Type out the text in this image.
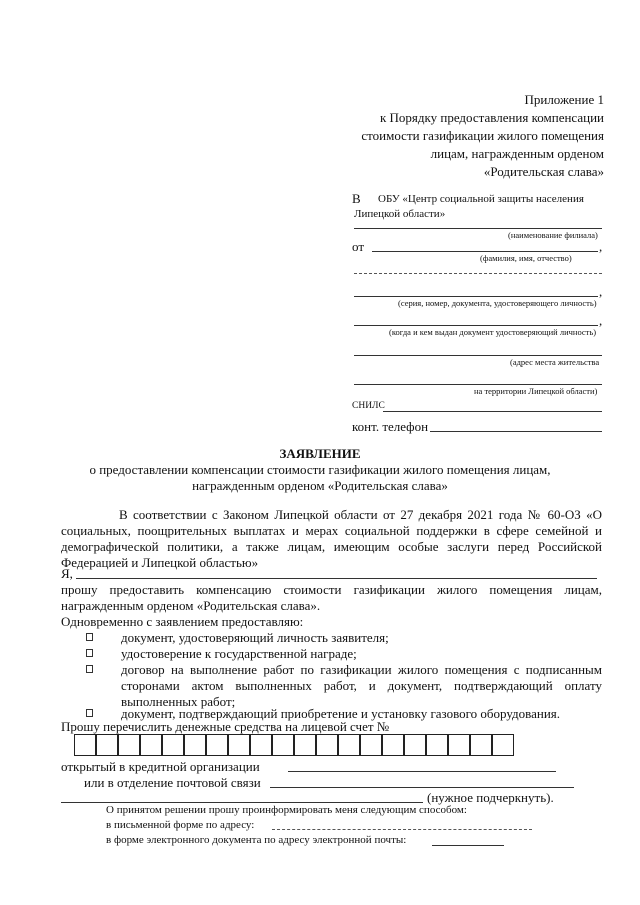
Приложение 1
к Порядку предоставления компенсации
стоимости газификации жилого помещения
лицам, награжденным орденом
«Родительская слава»
В ОБУ «Центр социальной защиты населения
Липецкой области»
(наименование филиала)
от	,
(фамилия, имя, отчество)
,
(серия, номер, документа, удостоверяющего личность)
,
(когда и кем выдан документ удостоверяющий личность)
(адрес места жительства
на территории Липецкой области)
СНИЛС
конт. телефон
ЗАЯВЛЕНИЕ
о предоставлении компенсации стоимости газификации жилого помещения лицам,
награжденным орденом «Родительская слава»
В соответствии с Законом Липецкой области от 27 декабря 2021 года № 60-ОЗ «О социальных, поощрительных выплатах и мерах социальной поддержки в сфере семейной и демографической политики, а также лицам, имеющим особые заслуги перед Российской Федерацией и Липецкой областью»
Я,
прошу предоставить компенсацию стоимости газификации жилого помещения лицам, награжденным орденом «Родительская слава».
Одновременно с заявлением предоставляю:
документ, удостоверяющий личность заявителя;
удостоверение к государственной награде;
договор на выполнение работ по газификации жилого помещения с подписанным сторонами актом выполненных работ, и документ, подтверждающий оплату выполненных работ;
документ, подтверждающий приобретение и установку газового оборудования.
Прошу перечислить денежные средства на лицевой счет №
открытый в кредитной организации
или в отделение почтовой связи
(нужное подчеркнуть).
О принятом решении прошу проинформировать меня следующим способом:
в письменной форме по адресу:
в форме электронного документа по адресу электронной почты:
